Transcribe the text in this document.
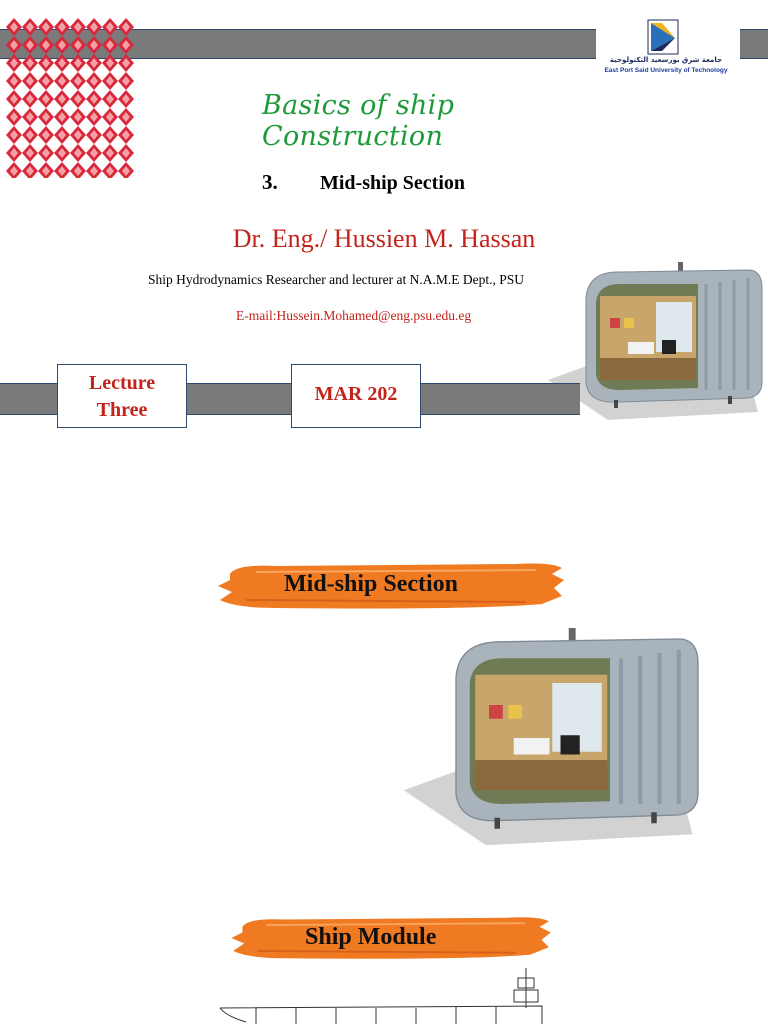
جامعة شرق بورسعيد التكنولوجية
East Port Said University of Technology
Basics of ship
Construction
3. Mid-ship Section
Dr. Eng./ Hussien M. Hassan
Ship Hydrodynamics Researcher and lecturer at N.A.M.E Dept., PSU
E-mail:Hussein.Mohamed@eng.psu.edu.eg
Lecture
Three
MAR 202
Mid-ship Section
Ship Module
